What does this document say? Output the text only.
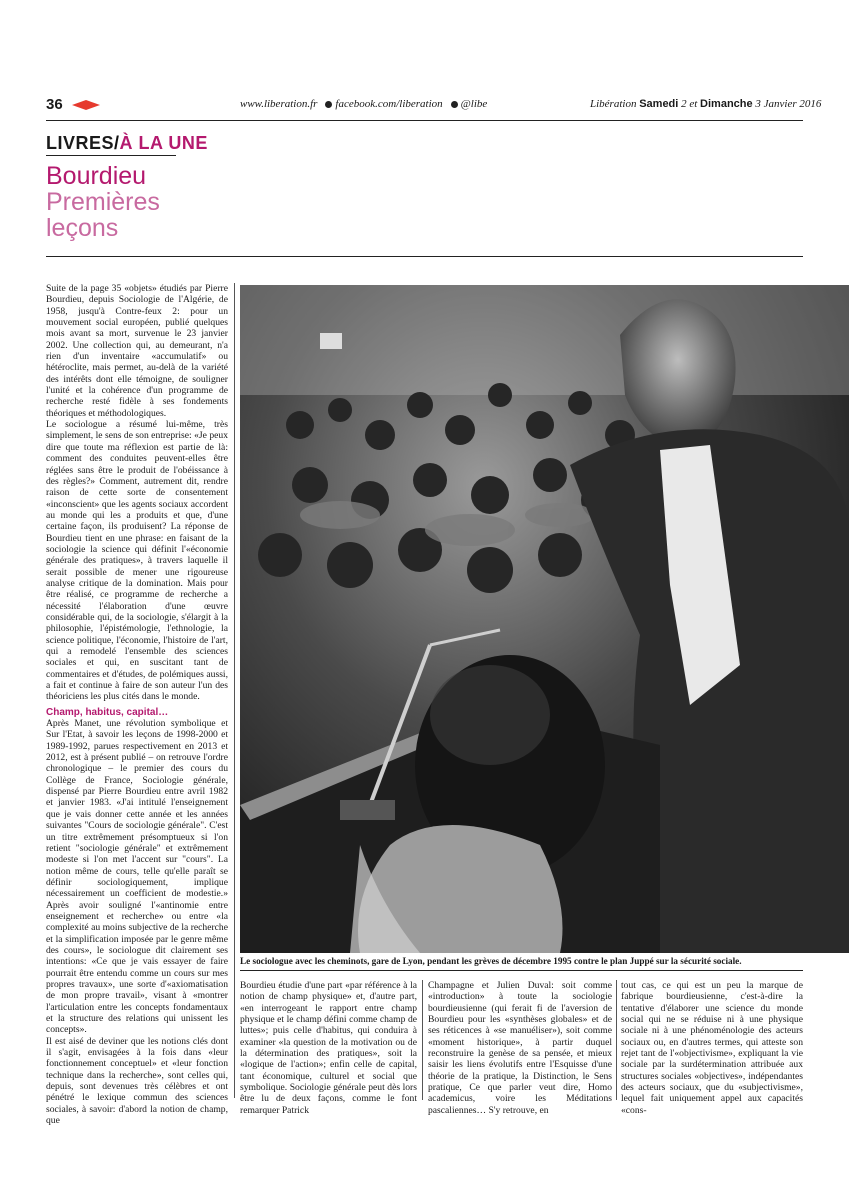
36	www.liberation.fr	facebook.com/liberation	@libe	Libération Samedi 2 et Dimanche 3 Janvier 2016
LIVRES/À LA UNE
Bourdieu
Premières
leçons

Suite de la page 35 «objets» étudiés par Pierre Bourdieu, depuis Sociologie de l'Algérie, de 1958, jusqu'à Contre-feux 2: pour un mouvement social européen, publié quelques mois avant sa mort, survenue le 23 janvier 2002. Une collection qui, au demeurant, n'a rien d'un inventaire «accumulatif» ou hétéroclite, mais permet, au-delà de la variété des intérêts dont elle témoigne, de souligner l'unité et la cohérence d'un programme de recherche resté fidèle à ses fondements théoriques et méthodologiques.

Le sociologue a résumé lui-même, très simplement, le sens de son entreprise: «Je peux dire que toute ma réflexion est partie de là: comment des conduites peuvent-elles être réglées sans être le produit de l'obéissance à des règles?» Comment, autrement dit, rendre raison de cette sorte de consentement «inconscient» que les agents sociaux accordent au monde qui les a produits et que, d'une certaine façon, ils produisent? La réponse de Bourdieu tient en une phrase: en faisant de la sociologie la science qui définit l'«économie générale des pratiques», à travers laquelle il serait possible de mener une rigoureuse analyse critique de la domination. Mais pour être réalisé, ce programme de recherche a nécessité l'élaboration d'une œuvre considérable qui, de la sociologie, s'élargit à la philosophie, l'épistémologie, l'ethnologie, la science politique, l'économie, l'histoire de l'art, qui a remodelé l'ensemble des sciences sociales et qui, en suscitant tant de commentaires et d'études, de polémiques aussi, a fait et continue à faire de son auteur l'un des théoriciens les plus cités dans le monde.

Champ, habitus, capital…

Après Manet, une révolution symbolique et Sur l'Etat, à savoir les leçons de 1998-2000 et 1989-1992, parues respectivement en 2013 et 2012, est à présent publié – on retrouve l'ordre chronologique – le premier des cours du Collège de France, Sociologie générale, dispensé par Pierre Bourdieu entre avril 1982 et janvier 1983. «J'ai intitulé l'enseignement que je vais donner cette année et les années suivantes "Cours de sociologie générale". C'est un titre extrêmement présomptueux si l'on retient "sociologie générale" et extrêmement modeste si l'on met l'accent sur "cours". La notion même de cours, telle qu'elle paraît se définir sociologiquement, implique nécessairement un coefficient de modestie.» Après avoir souligné l'«antinomie entre enseignement et recherche» ou entre «la complexité au moins subjective de la recherche et la simplification imposée par le genre même des cours», le sociologue dit clairement ses intentions: «Ce que je vais essayer de faire pourrait être entendu comme un cours sur mes propres travaux», une sorte d'«axiomatisation de mon propre travail», visant à «montrer l'articulation entre les concepts fondamentaux et la structure des relations qui unissent les concepts».

Il est aisé de deviner que les notions clés dont il s'agit, envisagées à la fois dans «leur fonctionnement conceptuel» et «leur fonction technique dans la recherche», sont celles qui, depuis, sont devenues très célèbres et ont pénétré le lexique commun des sciences sociales, à savoir: d'abord la notion de champ, que

Le sociologue avec les cheminots, gare de Lyon, pendant les grèves de décembre 1995 contre le plan Juppé sur la sécurité sociale.

Bourdieu étudie d'une part «par référence à la notion de champ physique» et, d'autre part, «en interrogeant le rapport entre champ physique et le champ défini comme champ de luttes»; puis celle d'habitus, qui conduira à examiner «la question de la motivation ou de la détermination des pratiques», soit la «logique de l'action»; enfin celle de capital, tant économique, culturel et social que symbolique. Sociologie générale peut dès lors être lu de deux façons, comme le font remarquer Patrick

Champagne et Julien Duval: soit comme «introduction» à toute la sociologie bourdieusienne (qui ferait fi de l'aversion de Bourdieu pour les «synthèses globales» et de ses réticences à «se manuéliser»), soit comme «moment historique», à partir duquel reconstruire la genèse de sa pensée, et mieux saisir les liens évolutifs entre l'Esquisse d'une théorie de la pratique, la Distinction, le Sens pratique, Ce que parler veut dire, Homo academicus, voire les Méditations pascaliennes… S'y retrouve, en

tout cas, ce qui est un peu la marque de fabrique bourdieusienne, c'est-à-dire la tentative d'élaborer une science du monde social qui ne se réduise ni à une physique sociale ni à une phénoménologie des acteurs sociaux ou, en d'autres termes, qui atteste son rejet tant de l'«objectivisme», expliquant la vie sociale par la surdétermination attribuée aux structures sociales «objectives», indépendantes des acteurs sociaux, que du «subjectivisme», lequel fait uniquement appel aux capacités «cons-
